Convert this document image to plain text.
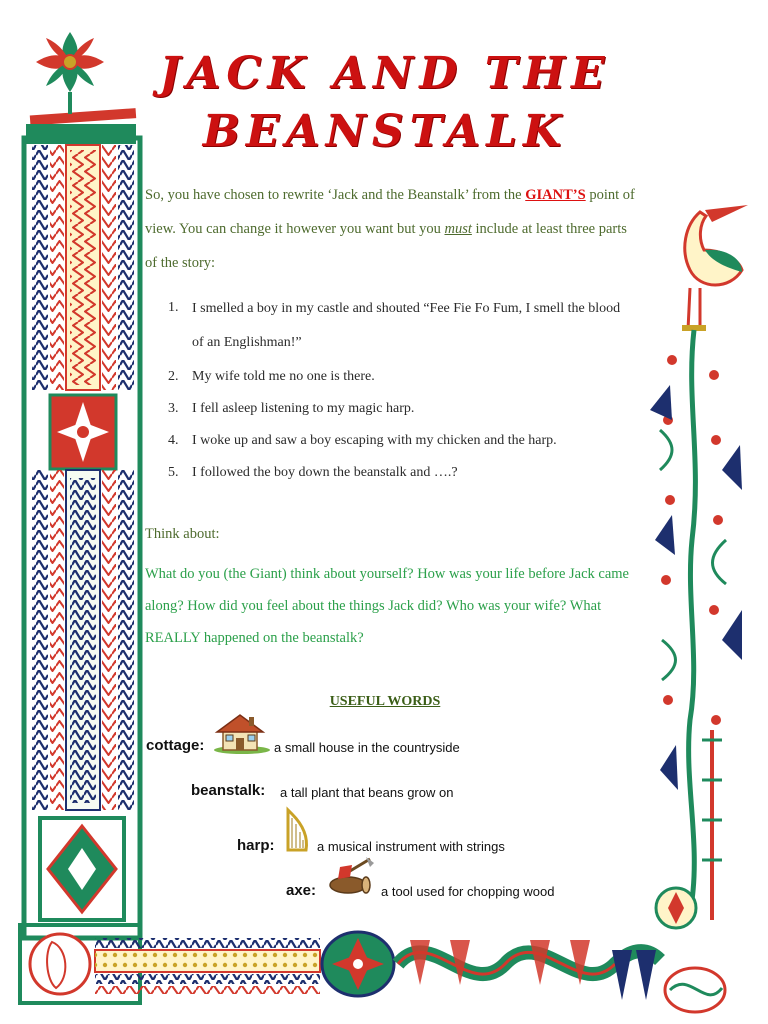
JACK AND THE
BEANSTALK
So, you have chosen to rewrite ‘Jack and the Beanstalk’ from the GIANT’S point of view. You can change it however you want but you must include at least three parts of the story:
1. I smelled a boy in my castle and shouted “Fee Fie Fo Fum, I smell the blood of an Englishman!”
2. My wife told me no one is there.
3. I fell asleep listening to my magic harp.
4. I woke up and saw a boy escaping with my chicken and the harp.
5. I followed the boy down the beanstalk and ….?
Think about:
What do you (the Giant) think about yourself? How was your life before Jack came along? How did you feel about the things Jack did? Who was your wife? What REALLY happened on the beanstalk?
USEFUL WORDS
cottage:	a small house in the countryside
beanstalk: a tall plant that beans grow on
harp:	a musical instrument with strings
axe:	a tool used for chopping wood
